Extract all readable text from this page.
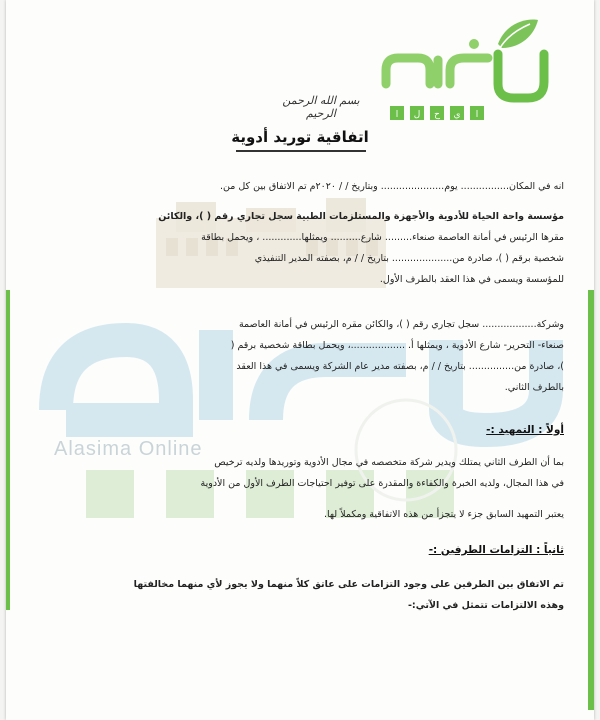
ا ل ح ي ا
بسم الله الرحمن الرحيم
اتفاقية توريد أدوية
Alasima Online

انه في المكان................ يوم..................... وبتاريخ / / ٢٠٢٠م تم الاتفاق بين كل من.

مؤسسة واحة الحياة للأدوية والأجهزة والمستلزمات الطبية سجل تجاري رقم ( )، والكائن

مقرها الرئيس في أمانة العاصمة صنعاء......... شارع.......... ويمثلها............. ، ويحمل بطاقة

شخصية برقم ( )، صادرة من.................... بتاريخ / / م، بصفته المدير التنفيذي

للمؤسسة ويسمى في هذا العقد بالطرف الأول.

وشركة.................. سجل تجاري رقم ( )، والكائن مقره الرئيس في أمانة العاصمة

صنعاء- التحرير- شارع الأدوية ، ويمثلها أ. ..................، ويحمل بطاقة شخصية برقم (

)، صادرة من............... بتاريخ / / م، بصفته مدير عام الشركة ويسمى في هذا العقد

بالطرف الثاني.

أولاً : التمهيد :-

بما أن الطرف الثاني يمتلك ويدير شركة متخصصه في مجال الأدوية وتوريدها ولديه ترخيص

في هذا المجال، ولديه الخبرة والكفاءة والمقدرة على توفير احتياجات الطرف الأول من الأدوية

يعتبر التمهيد السابق جزء لا يتجزأ من هذه الاتفاقية ومكملاً لها.

ثانياً : التزامات الطرفين :-

تم الاتفاق بين الطرفين على وجود التزامات على عاتق كلاً منهما ولا يجوز لأي منهما مخالفتها

وهذه الالتزامات تتمثل في الآتي:-
